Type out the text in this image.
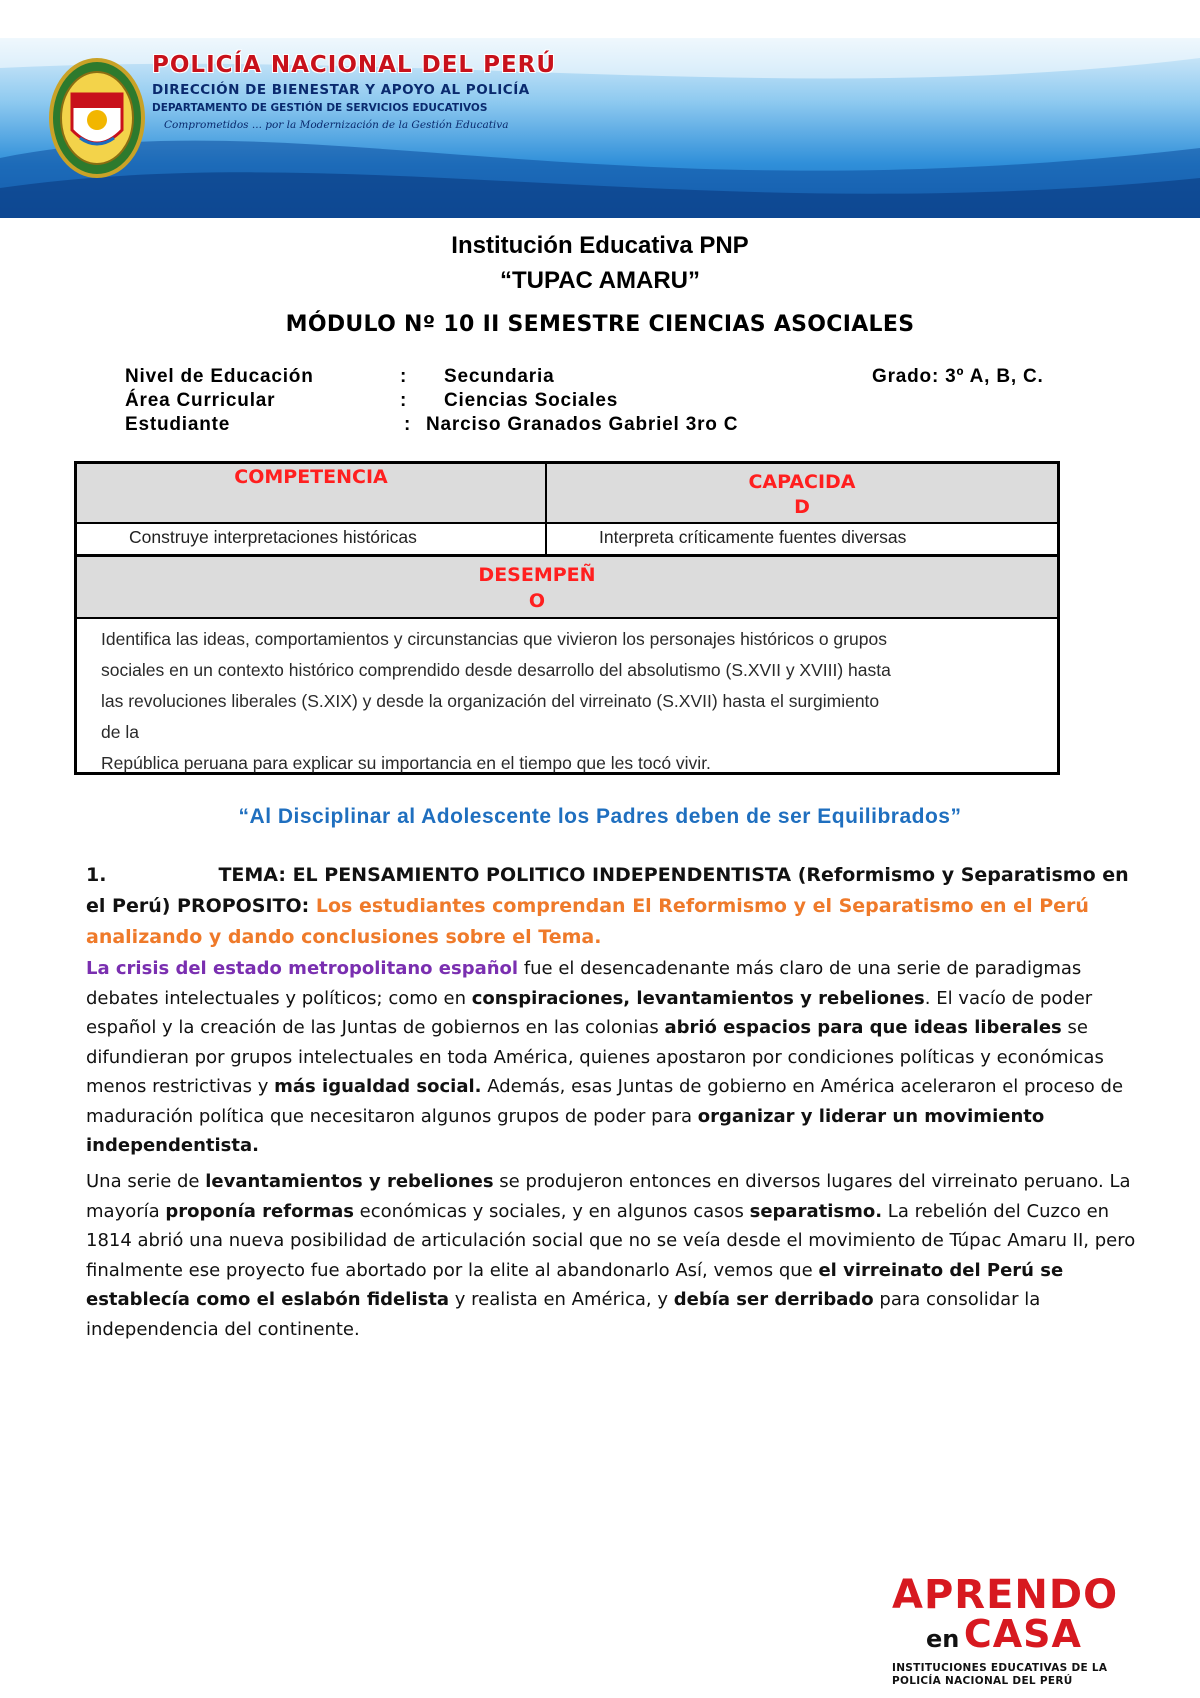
POLICÍA NACIONAL DEL PERÚ
DIRECCIÓN DE BIENESTAR Y APOYO AL POLICÍA
DEPARTAMENTO DE GESTIÓN DE SERVICIOS EDUCATIVOS
Comprometidos ... por la Modernización de la Gestión Educativa
Institución Educativa PNP
“TUPAC AMARU”
MÓDULO Nº 10 II SEMESTRE CIENCIAS ASOCIALES
Nivel de Educación	: Secundaria	Grado: 3º A, B, C.
Área Curricular	: Ciencias Sociales
Estudiante	: Narciso Granados Gabriel 3ro C
COMPETENCIA	CAPACIDA
D
Construye interpretaciones históricas	Interpreta críticamente fuentes diversas
DESEMPEÑ
O
Identifica las ideas, comportamientos y circunstancias que vivieron los personajes históricos o grupos
sociales en un contexto histórico comprendido desde desarrollo del absolutismo (S.XVII y XVIII) hasta
las revoluciones liberales (S.XIX) y desde la organización del virreinato (S.XVII) hasta el surgimiento
de la
República peruana para explicar su importancia en el tiempo que les tocó vivir.
“Al Disciplinar al Adolescente los Padres deben de ser Equilibrados”
1.	TEMA: EL PENSAMIENTO POLITICO INDEPENDENTISTA (Reformismo y Separatismo en el Perú) PROPOSITO: Los estudiantes comprendan El Reformismo y el Separatismo en el Perú analizando y dando conclusiones sobre el Tema.
La crisis del estado metropolitano español fue el desencadenante más claro de una serie de paradigmas debates intelectuales y políticos; como en conspiraciones, levantamientos y rebeliones. El vacío de poder español y la creación de las Juntas de gobiernos en las colonias abrió espacios para que ideas liberales se difundieran por grupos intelectuales en toda América, quienes apostaron por condiciones políticas y económicas menos restrictivas y más igualdad social. Además, esas Juntas de gobierno en América aceleraron el proceso de maduración política que necesitaron algunos grupos de poder para organizar y liderar un movimiento independentista.
Una serie de levantamientos y rebeliones se produjeron entonces en diversos lugares del virreinato peruano. La mayoría proponía reformas económicas y sociales, y en algunos casos separatismo. La rebelión del Cuzco en 1814 abrió una nueva posibilidad de articulación social que no se veía desde el movimiento de Túpac Amaru II, pero finalmente ese proyecto fue abortado por la elite al abandonarlo Así, vemos que el virreinato del Perú se establecía como el eslabón fidelista y realista en América, y debía ser derribado para consolidar la independencia del continente.
APRENDO
en CASA
INSTITUCIONES EDUCATIVAS DE LA
POLICÍA NACIONAL DEL PERÚ
